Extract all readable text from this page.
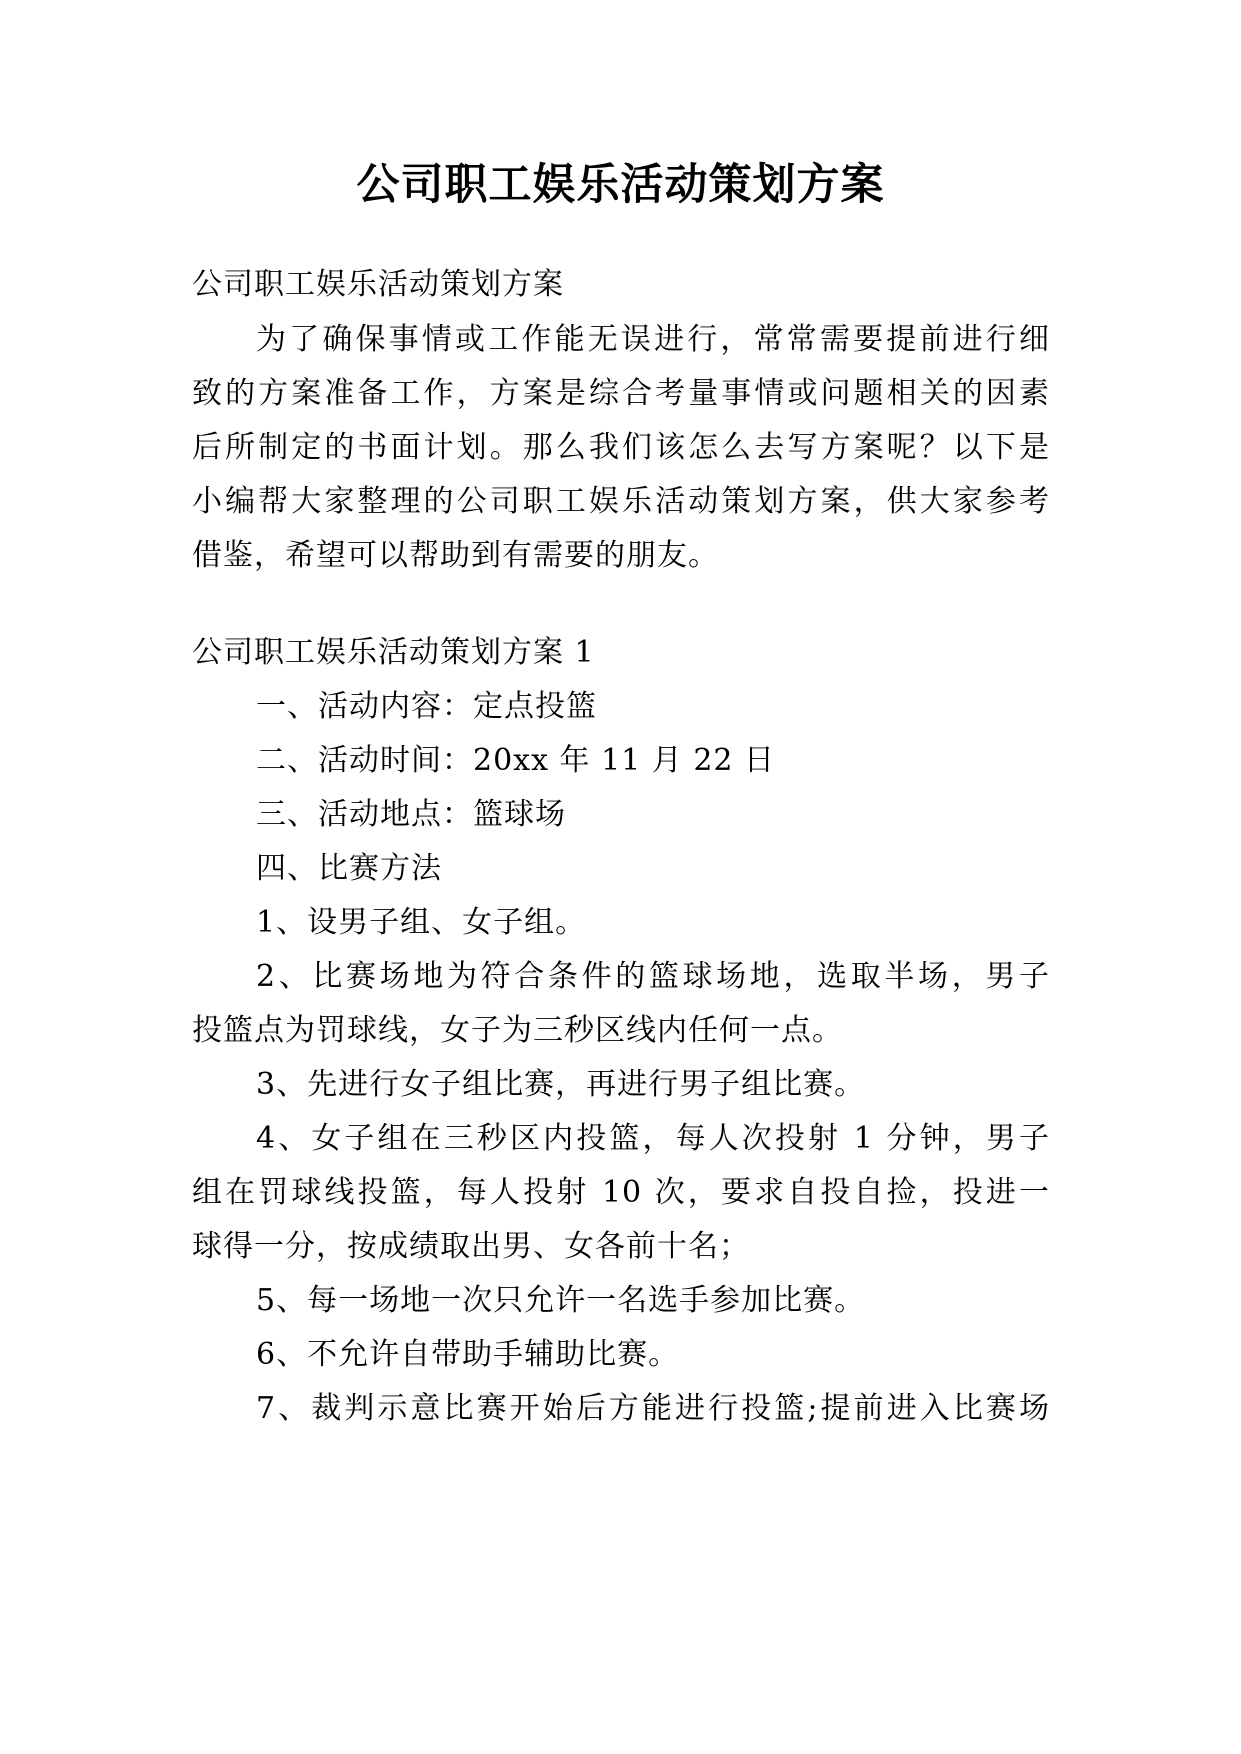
公司职工娱乐活动策划方案
公司职工娱乐活动策划方案
为了确保事情或工作能无误进行，常常需要提前进行细
致的方案准备工作，方案是综合考量事情或问题相关的因素
后所制定的书面计划。那么我们该怎么去写方案呢？以下是
小编帮大家整理的公司职工娱乐活动策划方案，供大家参考
借鉴，希望可以帮助到有需要的朋友。
公司职工娱乐活动策划方案 1
一、活动内容：定点投篮
二、活动时间：20xx 年 11 月 22 日
三、活动地点：篮球场
四、比赛方法
1、设男子组、女子组。
2、比赛场地为符合条件的篮球场地，选取半场，男子
投篮点为罚球线，女子为三秒区线内任何一点。
3、先进行女子组比赛，再进行男子组比赛。
4、女子组在三秒区内投篮，每人次投射 1 分钟，男子
组在罚球线投篮，每人投射 10 次，要求自投自捡，投进一
球得一分，按成绩取出男、女各前十名；
5、每一场地一次只允许一名选手参加比赛。
6、不允许自带助手辅助比赛。
7、裁判示意比赛开始后方能进行投篮;提前进入比赛场
